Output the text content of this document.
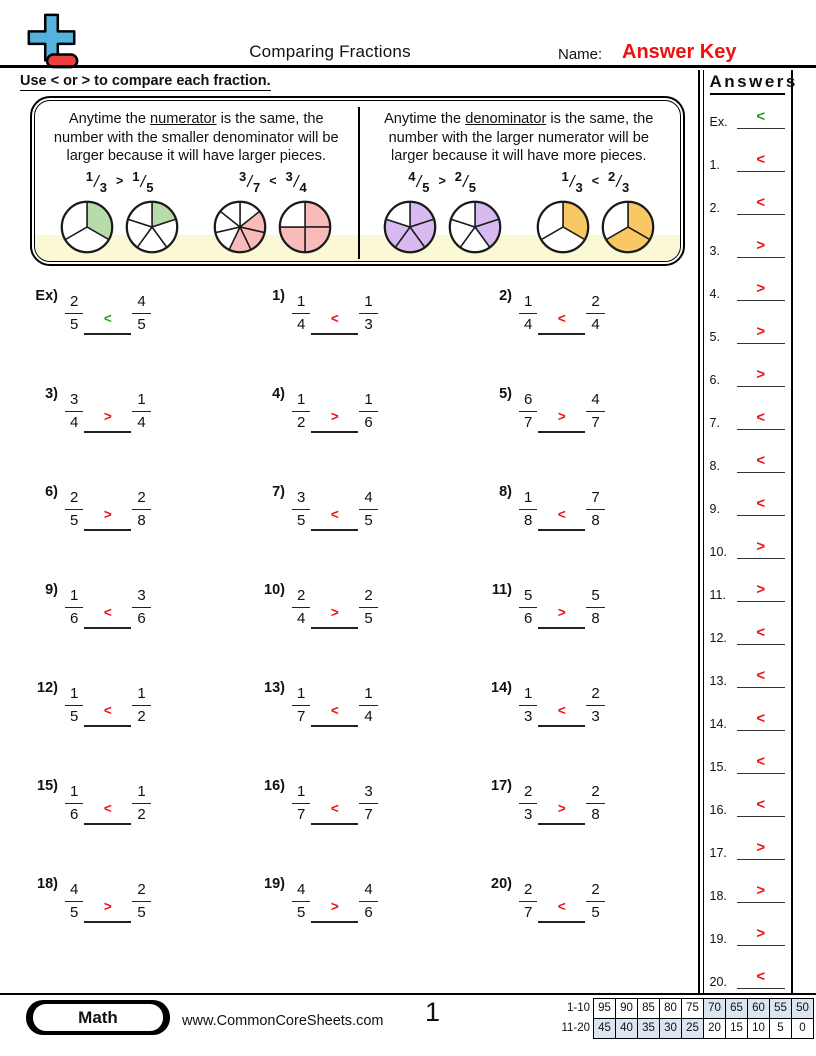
Comparing Fractions	Name: Answer Key
Use < or > to compare each fraction.
Anytime the numerator is the same, the number with the smaller denominator will be larger because it will have larger pieces.
1/3 > 1/5
3/7 < 3/4
Anytime the denominator is the same, the number with the larger numerator will be larger because it will have more pieces.
4/5 > 2/5
1/3 < 2/3
$Ex) \frac{2}{5} < \frac{4}{5}$	$1) \frac{1}{4} < \frac{1}{3}$	$2) \frac{1}{4} < \frac{2}{4}$
$3) \frac{3}{4} > \frac{1}{4}$	$4) \frac{1}{2} > \frac{1}{6}$	$5) \frac{6}{7} > \frac{4}{7}$
$6) \frac{2}{5} > \frac{2}{8}$	$7) \frac{3}{5} < \frac{4}{5}$	$8) \frac{1}{8} < \frac{7}{8}$
$9) \frac{1}{6} < \frac{3}{6}$	$10) \frac{2}{4} > \frac{2}{5}$	$11) \frac{5}{6} > \frac{5}{8}$
$12) \frac{1}{5} < \frac{1}{2}$	$13) \frac{1}{7} < \frac{1}{4}$	$14) \frac{1}{3} < \frac{2}{3}$
$15) \frac{1}{6} < \frac{1}{2}$	$16) \frac{1}{7} < \frac{3}{7}$	$17) \frac{2}{3} > \frac{2}{8}$
$18) \frac{4}{5} > \frac{2}{5}$	$19) \frac{4}{5} > \frac{4}{6}$	$20) \frac{2}{7} < \frac{2}{5}$
Answers
Ex.	<
1.	<
2.	<
3.	>
4.	>
5.	>
6.	>
7.	<
8.	<
9.	<
10.	>
11.	>
12.	<
13.	<
14.	<
15.	<
16.	<
17.	>
18.	>
19.	>
20.	<
Math	www.CommonCoreSheets.com 1	1-10 95 90 85 80 75 70 65 60 55 50
11-20 45 40 35 30 25 20 15 10	5	0
